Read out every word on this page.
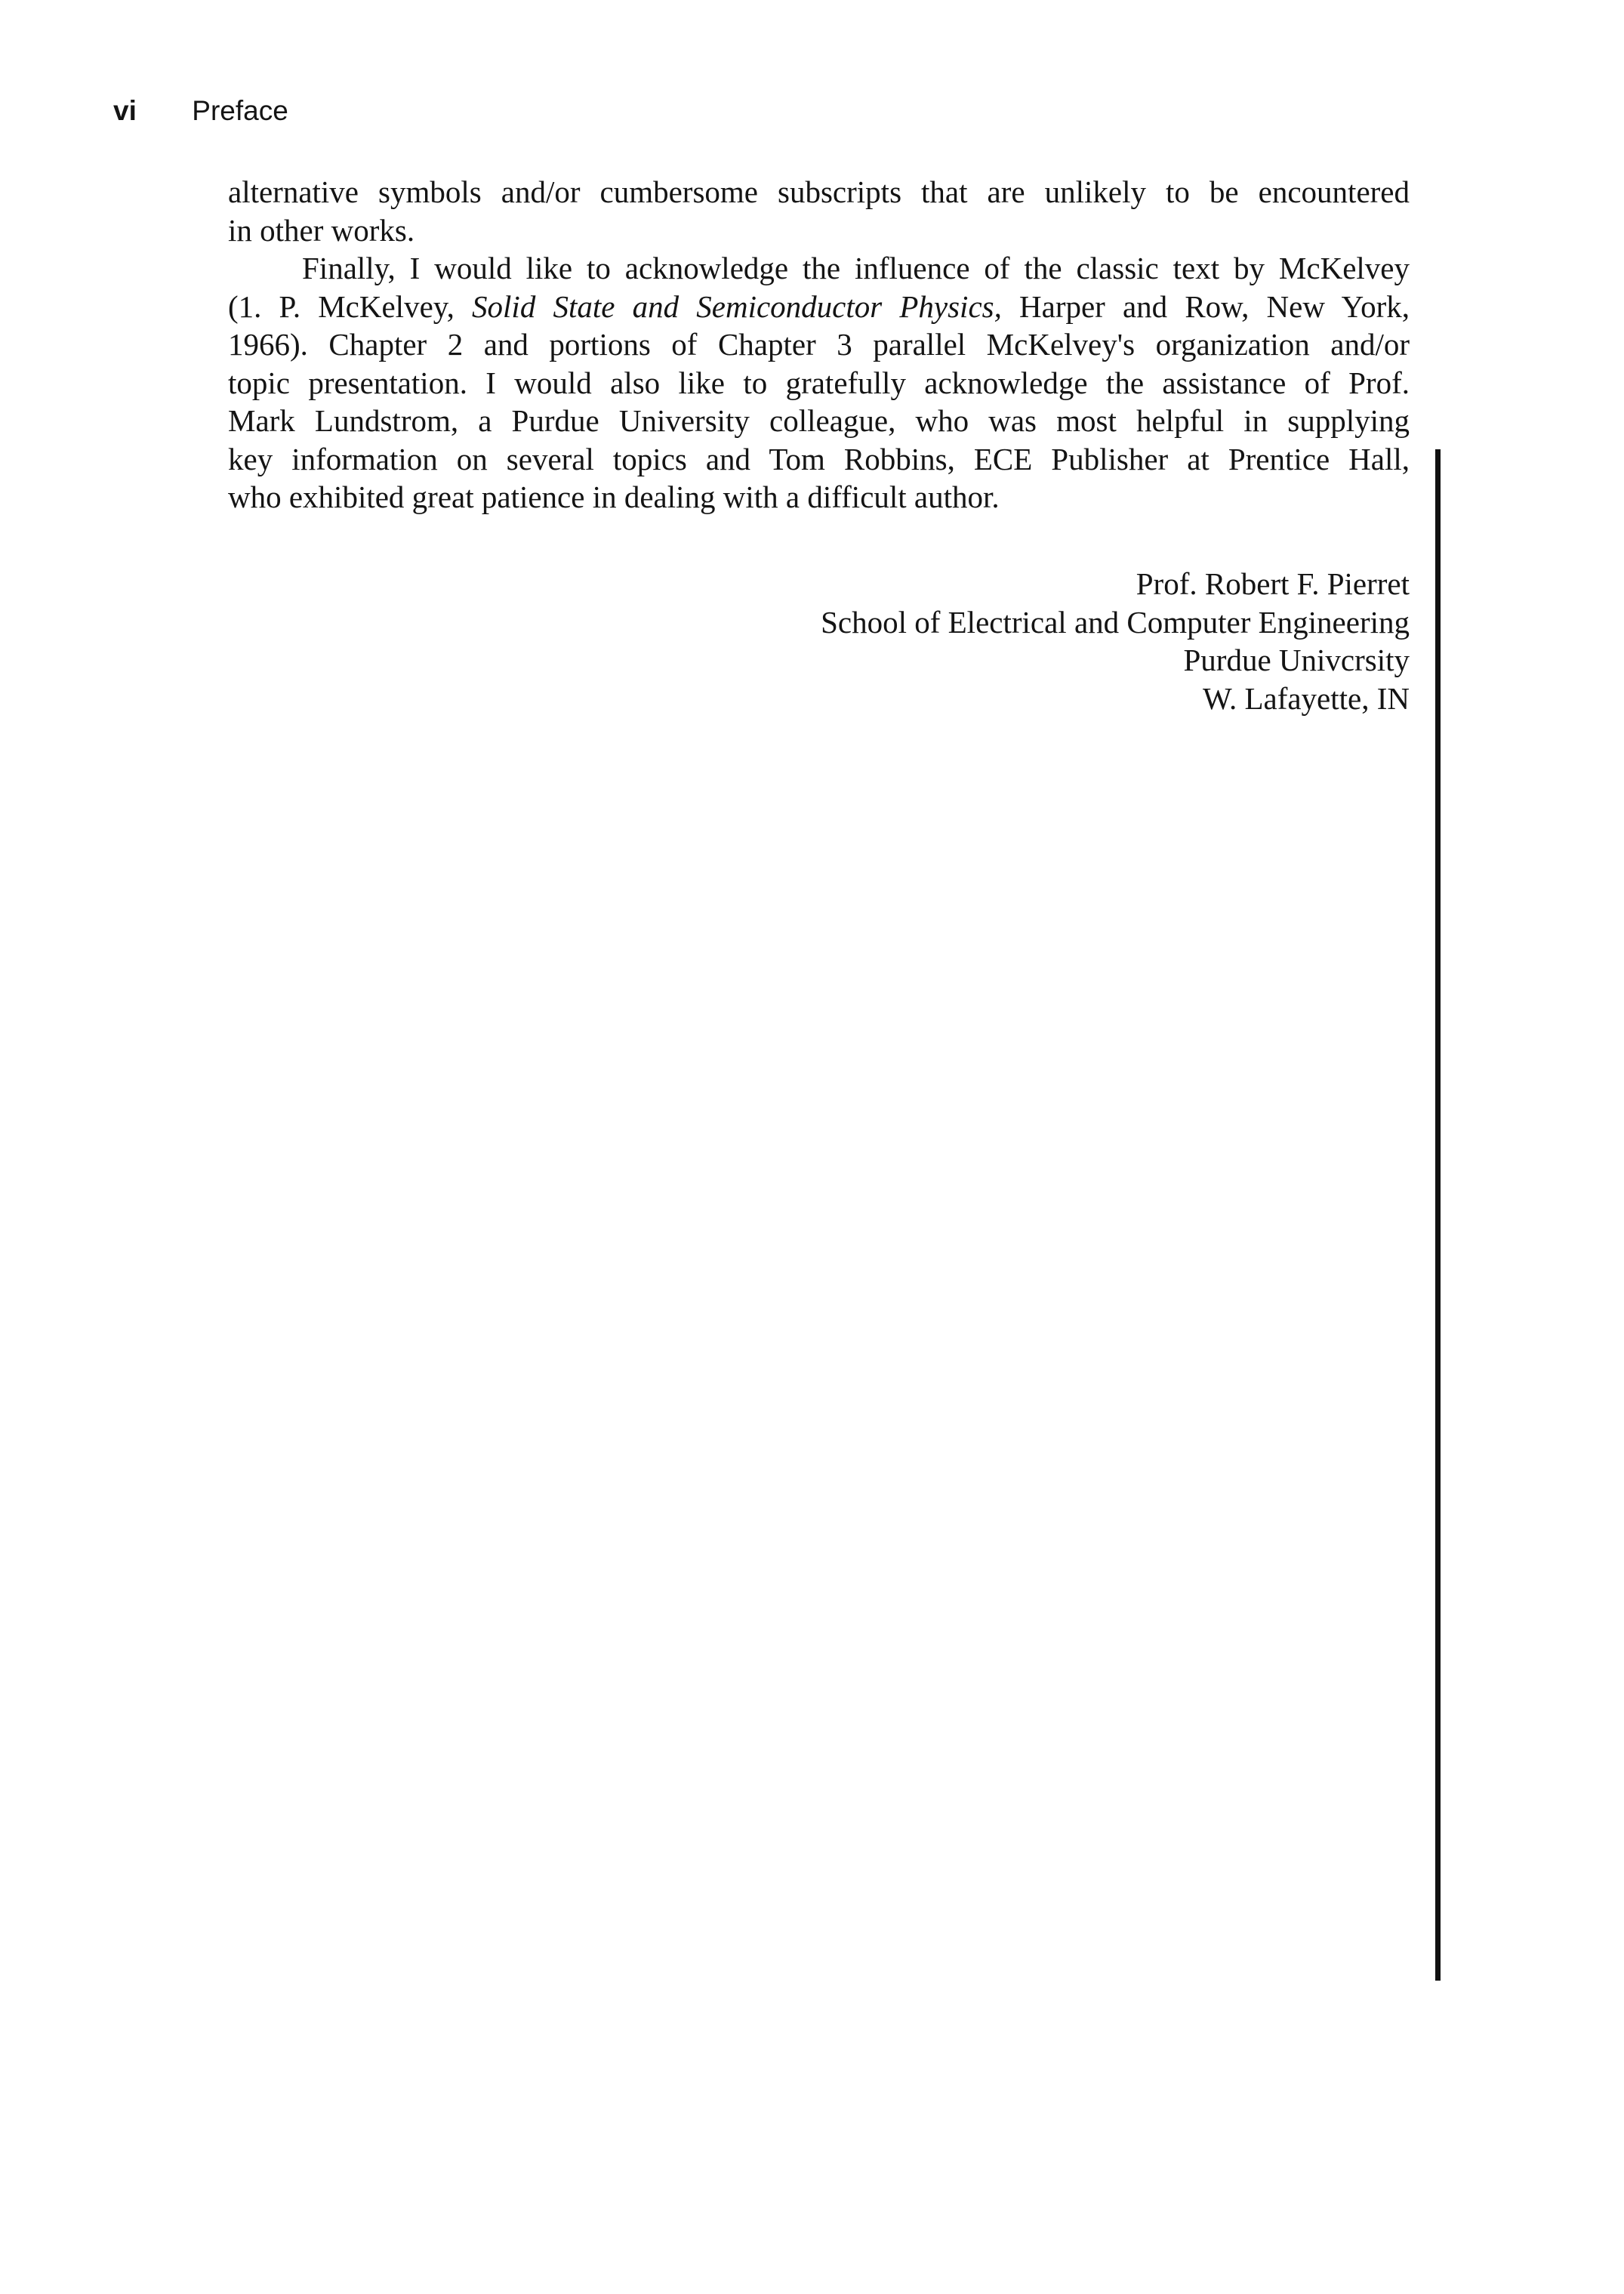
vi Preface

alternative symbols and/or cumbersome subscripts that are unlikely to be encountered
in other works.

Finally, I would like to acknowledge the influence of the classic text by McKelvey
(1. P. McKelvey, Solid State and Semiconductor Physics, Harper and Row, New York,
1966). Chapter 2 and portions of Chapter 3 parallel McKelvey's organization and/or
topic presentation. I would also like to gratefully acknowledge the assistance of Prof.
Mark Lundstrom, a Purdue University colleague, who was most helpful in supplying
key information on several topics and Tom Robbins, ECE Publisher at Prentice Hall,
who exhibited great patience in dealing with a difficult author.

Prof. Robert F. Pierret
School of Electrical and Computer Engineering
Purdue Univcrsity
W. Lafayette, IN
